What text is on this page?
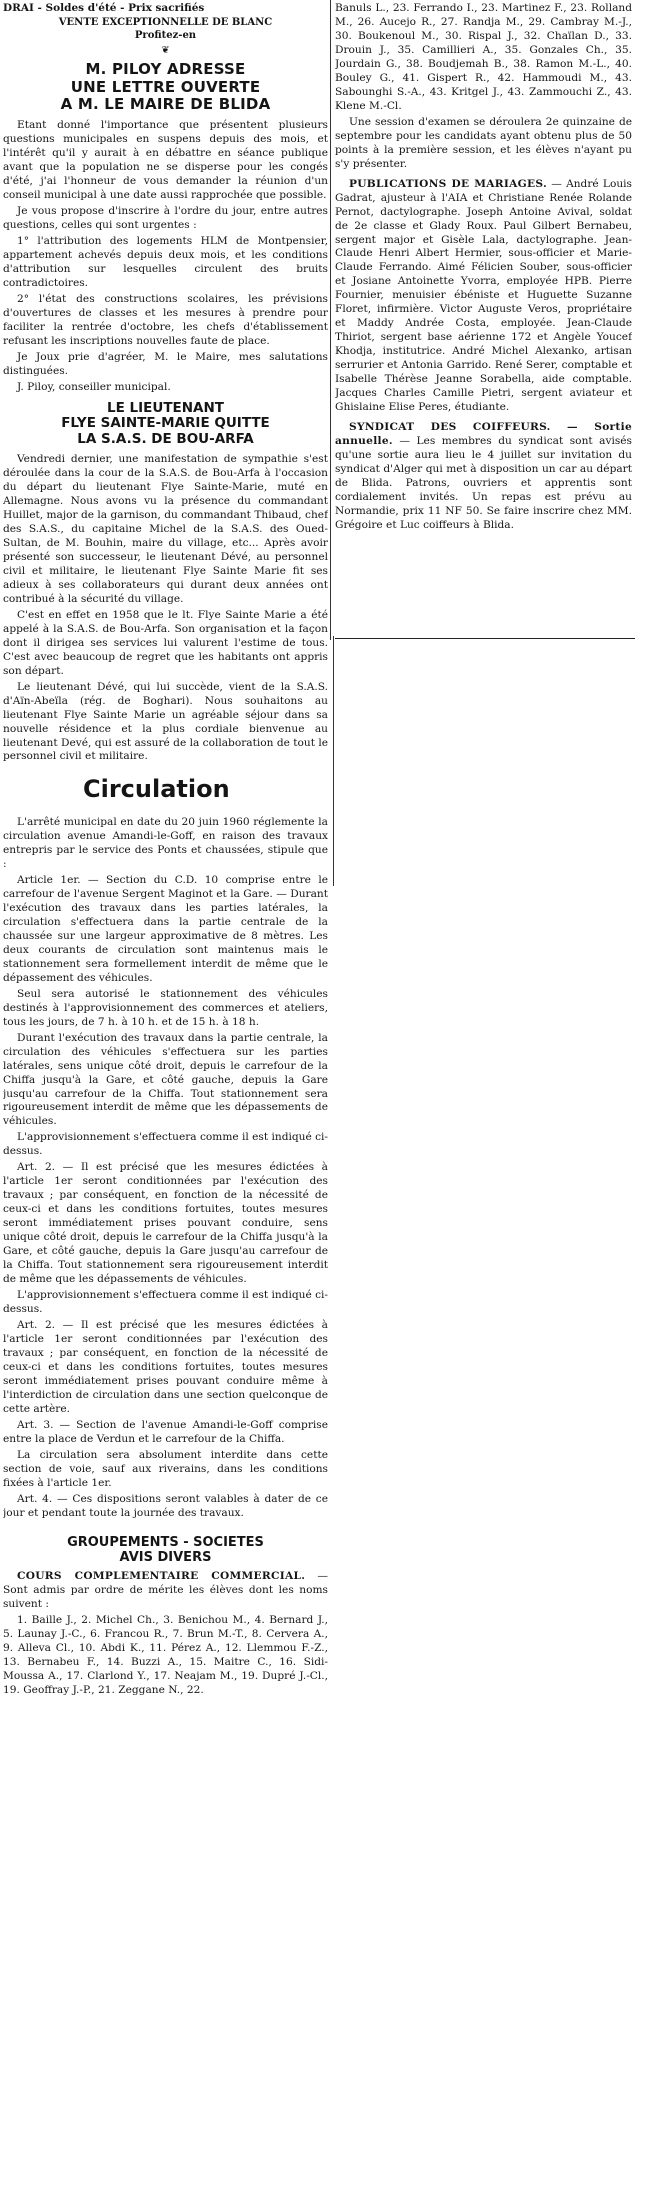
DRAI - Soldes d'été - Prix sacrifiés
VENTE EXCEPTIONNELLE DE BLANC
Profitez-en
❦
M. PILOY ADRESSE
UNE LETTRE OUVERTE
A M. LE MAIRE DE BLIDA

Etant donné l'importance que présentent plusieurs questions municipales en suspens depuis des mois, et l'intérêt qu'il y aurait à en débattre en séance publique avant que la population ne se disperse pour les congés d'été, j'ai l'honneur de vous demander la réunion d'un conseil municipal à une date aussi rapprochée que possible.

Je vous propose d'inscrire à l'ordre du jour, entre autres questions, celles qui sont urgentes :

1° l'attribution des logements HLM de Montpensier, appartement achevés depuis deux mois, et les conditions d'attribution sur lesquelles circulent des bruits contradictoires.

2° l'état des constructions scolaires, les prévisions d'ouvertures de classes et les mesures à prendre pour faciliter la rentrée d'octobre, les chefs d'établissement refusant les inscriptions nouvelles faute de place.

Je Joux prie d'agréer, M. le Maire, mes salutations distinguées.

J. Piloy, conseiller municipal.

LE LIEUTENANT
FLYE SAINTE-MARIE QUITTE
LA S.A.S. DE BOU-ARFA

Vendredi dernier, une manifestation de sympathie s'est déroulée dans la cour de la S.A.S. de Bou-Arfa à l'occasion du départ du lieutenant Flye Sainte-Marie, muté en Allemagne. Nous avons vu la présence du commandant Huillet, major de la garnison, du commandant Thibaud, chef des S.A.S., du capitaine Michel de la S.A.S. des Oued-Sultan, de M. Bouhin, maire du village, etc... Après avoir présenté son successeur, le lieutenant Dévé, au personnel civil et militaire, le lieutenant Flye Sainte Marie fit ses adieux à ses collaborateurs qui durant deux années ont contribué à la sécurité du village.

C'est en effet en 1958 que le lt. Flye Sainte Marie a été appelé à la S.A.S. de Bou-Arfa. Son organisation et la façon dont il dirigea ses services lui valurent l'estime de tous. C'est avec beaucoup de regret que les habitants ont appris son départ.

Le lieutenant Dévé, qui lui succède, vient de la S.A.S. d'Aïn-Abeïla (rég. de Boghari). Nous souhaitons au lieutenant Flye Sainte Marie un agréable séjour dans sa nouvelle résidence et la plus cordiale bienvenue au lieutenant Devé, qui est assuré de la collaboration de tout le personnel civil et militaire.

Circulation

L'arrêté municipal en date du 20 juin 1960 réglemente la circulation avenue Amandi-le-Goff, en raison des travaux entrepris par le service des Ponts et chaussées, stipule que :

Article 1er. — Section du C.D. 10 comprise entre le carrefour de l'avenue Sergent Maginot et la Gare. — Durant l'exécution des travaux dans les parties latérales, la circulation s'effectuera dans la partie centrale de la chaussée sur une largeur approximative de 8 mètres. Les deux courants de circulation sont maintenus mais le stationnement sera formellement interdit de même que le dépassement des véhicules.

Seul sera autorisé le stationnement des véhicules destinés à l'approvisionnement des commerces et ateliers, tous les jours, de 7 h. à 10 h. et de 15 h. à 18 h.

Durant l'exécution des travaux dans la partie centrale, la circulation des véhicules s'effectuera sur les parties latérales, sens unique côté droit, depuis le carrefour de la Chiffa jusqu'à la Gare, et côté gauche, depuis la Gare jusqu'au carrefour de la Chiffa. Tout stationnement sera rigoureusement interdit de même que les dépassements de véhicules.

L'approvisionnement s'effectuera comme il est indiqué ci-dessus.

Art. 2. — Il est précisé que les mesures édictées à l'article 1er seront conditionnées par l'exécution des travaux ; par conséquent, en fonction de la nécessité de ceux-ci et dans les conditions fortuites, toutes mesures seront immédiatement prises pouvant conduire, sens unique côté droit, depuis le carrefour de la Chiffa jusqu'à la Gare, et côté gauche, depuis la Gare jusqu'au carrefour de la Chiffa. Tout stationnement sera rigoureusement interdit de même que les dépassements de véhicules.

L'approvisionnement s'effectuera comme il est indiqué ci-dessus.

Art. 2. — Il est précisé que les mesures édictées à l'article 1er seront conditionnées par l'exécution des travaux ; par conséquent, en fonction de la nécessité de ceux-ci et dans les conditions fortuites, toutes mesures seront immédiatement prises pouvant conduire même à l'interdiction de circulation dans une section quelconque de cette artère.

Art. 3. — Section de l'avenue Amandi-le-Goff comprise entre la place de Verdun et le carrefour de la Chiffa.

La circulation sera absolument interdite dans cette section de voie, sauf aux riverains, dans les conditions fixées à l'article 1er.

Art. 4. — Ces dispositions seront valables à dater de ce jour et pendant toute la journée des travaux.

GROUPEMENTS - SOCIETES
AVIS DIVERS

COURS COMPLEMENTAIRE COMMERCIAL. — Sont admis par ordre de mérite les élèves dont les noms suivent :

1. Baille J., 2. Michel Ch., 3. Benichou M., 4. Bernard J., 5. Launay J.-C., 6. Francou R., 7. Brun M.-T., 8. Cervera A., 9. Alleva Cl., 10. Abdi K., 11. Pérez A., 12. Llemmou F.-Z., 13. Bernabeu F., 14. Buzzi A., 15. Maitre C., 16. Sidi-Moussa A., 17. Clarlond Y., 17. Neajam M., 19. Dupré J.-Cl., 19. Geoffray J.-P., 21. Zeggane N., 22.

Banuls L., 23. Ferrando I., 23. Martinez F., 23. Rolland M., 26. Aucejo R., 27. Randja M., 29. Cambray M.-J., 30. Boukenoul M., 30. Rispal J., 32. Chaïlan D., 33. Drouin J., 35. Camillieri A., 35. Gonzales Ch., 35. Jourdain G., 38. Boudjemah B., 38. Ramon M.-L., 40. Bouley G., 41. Gispert R., 42. Hammoudi M., 43. Sabounghi S.-A., 43. Kritgel J., 43. Zammouchi Z., 43. Klene M.-Cl.

Une session d'examen se déroulera 2e quinzaine de septembre pour les candidats ayant obtenu plus de 50 points à la première session, et les élèves n'ayant pu s'y présenter.

PUBLICATIONS DE MARIAGES. — André Louis Gadrat, ajusteur à l'AIA et Christiane Renée Rolande Pernot, dactylographe. Joseph Antoine Avival, soldat de 2e classe et Glady Roux. Paul Gilbert Bernabeu, sergent major et Gisèle Lala, dactylographe. Jean-Claude Henri Albert Hermier, sous-officier et Marie-Claude Ferrando. Aimé Félicien Souber, sous-officier et Josiane Antoinette Yvorra, employée HPB. Pierre Fournier, menuisier ébéniste et Huguette Suzanne Floret, infirmière. Victor Auguste Veros, propriétaire et Maddy Andrée Costa, employée. Jean-Claude Thiriot, sergent base aérienne 172 et Angèle Youcef Khodja, institutrice. André Michel Alexanko, artisan serrurier et Antonia Garrido. René Serer, comptable et Isabelle Thérèse Jeanne Sorabella, aide comptable. Jacques Charles Camille Pietri, sergent aviateur et Ghislaine Elise Peres, étudiante.

SYNDICAT DES COIFFEURS. — Sortie annuelle. — Les membres du syndicat sont avisés qu'une sortie aura lieu le 4 juillet sur invitation du syndicat d'Alger qui met à disposition un car au départ de Blida. Patrons, ouvriers et apprentis sont cordialement invités. Un repas est prévu au Normandie, prix 11 NF 50. Se faire inscrire chez MM. Grégoire et Luc coiffeurs à Blida.
